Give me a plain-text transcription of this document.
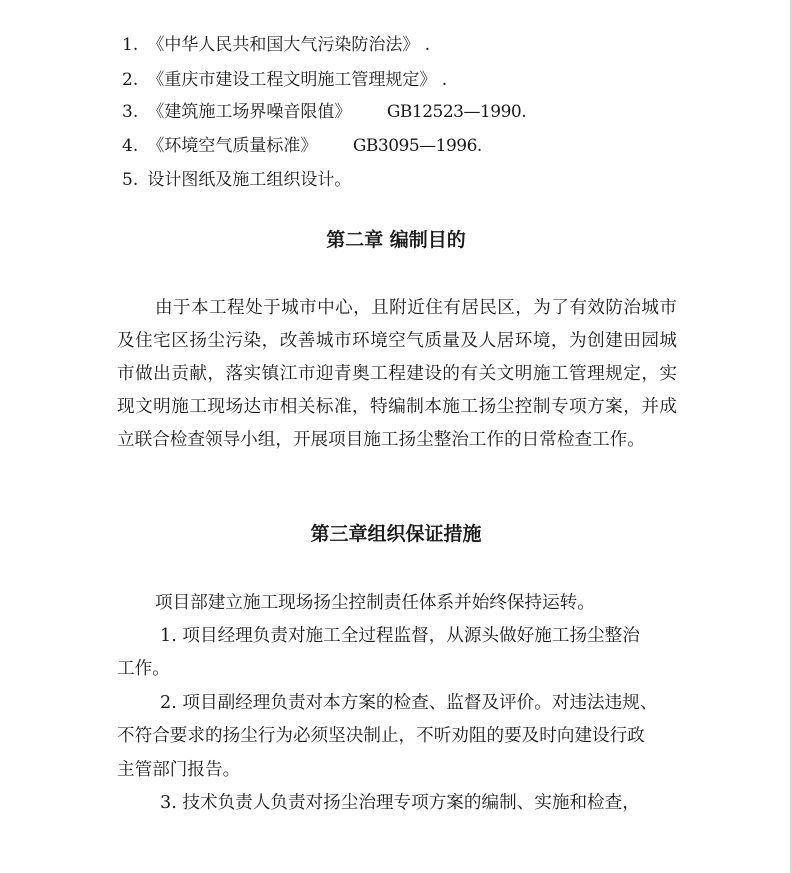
1. 《中华人民共和国大气污染防治法》 .
2. 《重庆市建设工程文明施工管理规定》 .
3. 《建筑施工场界噪音限值》 GB12523—1990.
4. 《环境空气质量标准》 GB3095—1996.
5. 设计图纸及施工组织设计。
第二章 编制目的
由于本工程处于城市中心，且附近住有居民区，为了有效防治城市及住宅区扬尘污染，改善城市环境空气质量及人居环境，为创建田园城市做出贡献，落实镇江市迎青奥工程建设的有关文明施工管理规定，实现文明施工现场达市相关标准，特编制本施工扬尘控制专项方案，并成立联合检查领导小组，开展项目施工扬尘整治工作的日常检查工作。
第三章组织保证措施
项目部建立施工现场扬尘控制责任体系并始终保持运转。
1. 项目经理负责对施工全过程监督，从源头做好施工扬尘整治
工作。
2. 项目副经理负责对本方案的检查、监督及评价。对违法违规、
不符合要求的扬尘行为必须坚决制止，不听劝阻的要及时向建设行政
主管部门报告。
3. 技术负责人负责对扬尘治理专项方案的编制、实施和检查，
